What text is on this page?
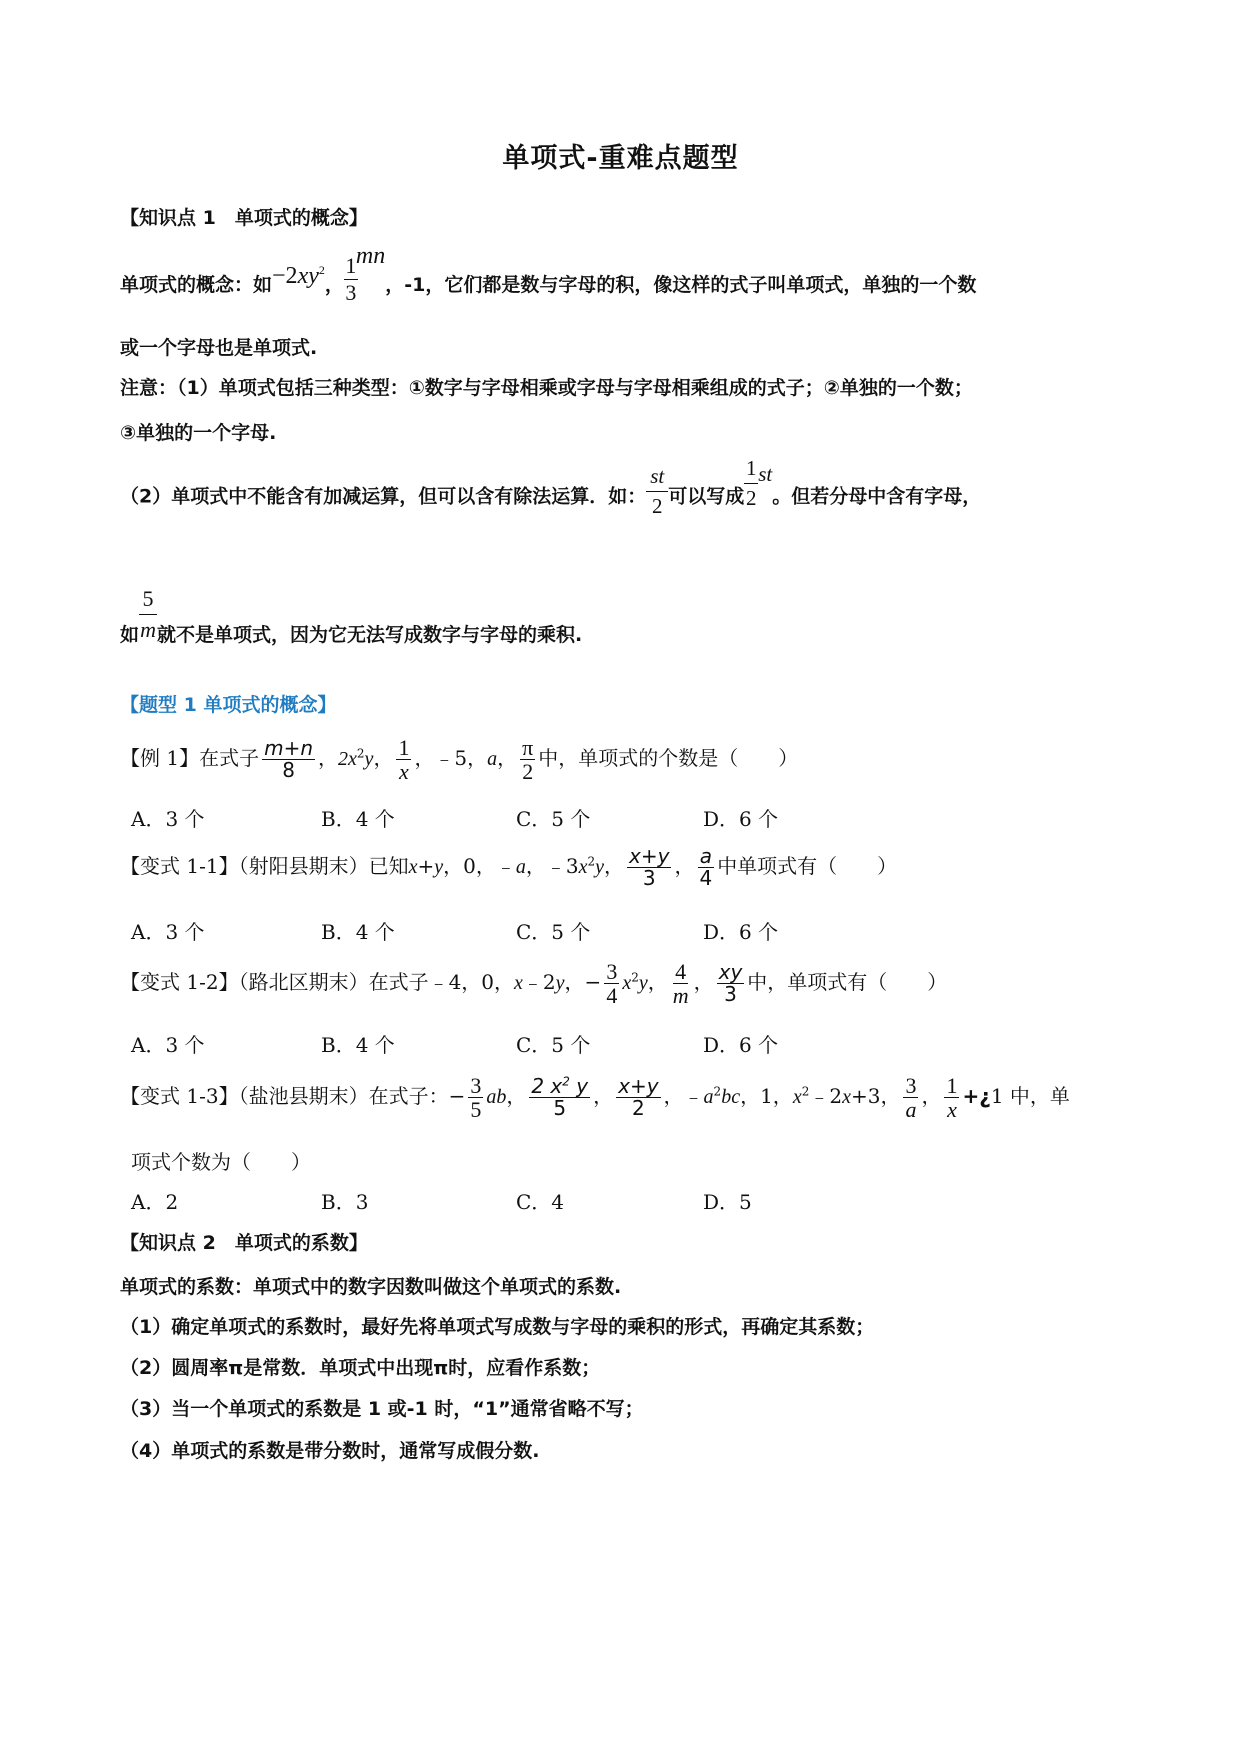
单项式-重难点题型
【知识点 1　单项式的概念】
单项式的概念：如$-2xy^2$， $\frac{1}{3}$
mn，-1，它们都是数与字母的积，像这样的式子叫单项式，单独的一个数
或一个字母也是单项式.
注意：（1）单项式包括三种类型：①数字与字母相乘或字母与字母相乘组成的式子；②单独的一个数；
③单独的一个字母.
（2）单项式中不能含有加减运算，但可以含有除法运算．如： $\frac{st}{2}$ 可以写成 $\frac{1}{2}$ st。但若分母中含有字母，
如 $\frac{5}{m}$ 就不是单项式，因为它无法写成数字与字母的乘积.
【题型 1 单项式的概念】
【例 1】在式子 $\frac{m+n}{8}$ ，$2x^2y$， $\frac{1}{x}$ ，﹣5，a， $\frac{\pi}{2}$ 中，单项式的个数是（　　）
A．3 个	B．4 个	C．5 个	D．6 个
【变式 1-1】（射阳县期末）已知x+y，0，﹣a，$﹣3x^2y$， $\frac{x+y}{3}$ ， $\frac{a}{4}$ 中单项式有（　　）
A．3 个	B．4 个	C．5 个	D．6 个
【变式 1-2】（路北区期末）在式子﹣4，0，x﹣2y，− $\frac{3}{4} x^2y$， $\frac{4}{m}$ ， $\frac{xy}{3}$ 中，单项式有（　　）
A．3 个	B．4 个	C．5 个	D．6 个
【变式 1-3】（盐池县期末）在式子：− $\frac{3}{5}$ ab， $\frac{2 x^2 y}{5}$ ， $\frac{x+y}{2}$ ，$﹣a^2bc$，1，$x^2﹣2x+3$， $\frac{3}{a}$ ， $\frac{1}{x}$ +¿1 中，单
项式个数为（　　）
A．2	B．3	C．4	D．5
【知识点 2　单项式的系数】
单项式的系数：单项式中的数字因数叫做这个单项式的系数.
（1）确定单项式的系数时，最好先将单项式写成数与字母的乘积的形式，再确定其系数；
（2）圆周率π是常数．单项式中出现π时，应看作系数；
（3）当一个单项式的系数是 1 或-1 时，“1”通常省略不写；
（4）单项式的系数是带分数时，通常写成假分数.
